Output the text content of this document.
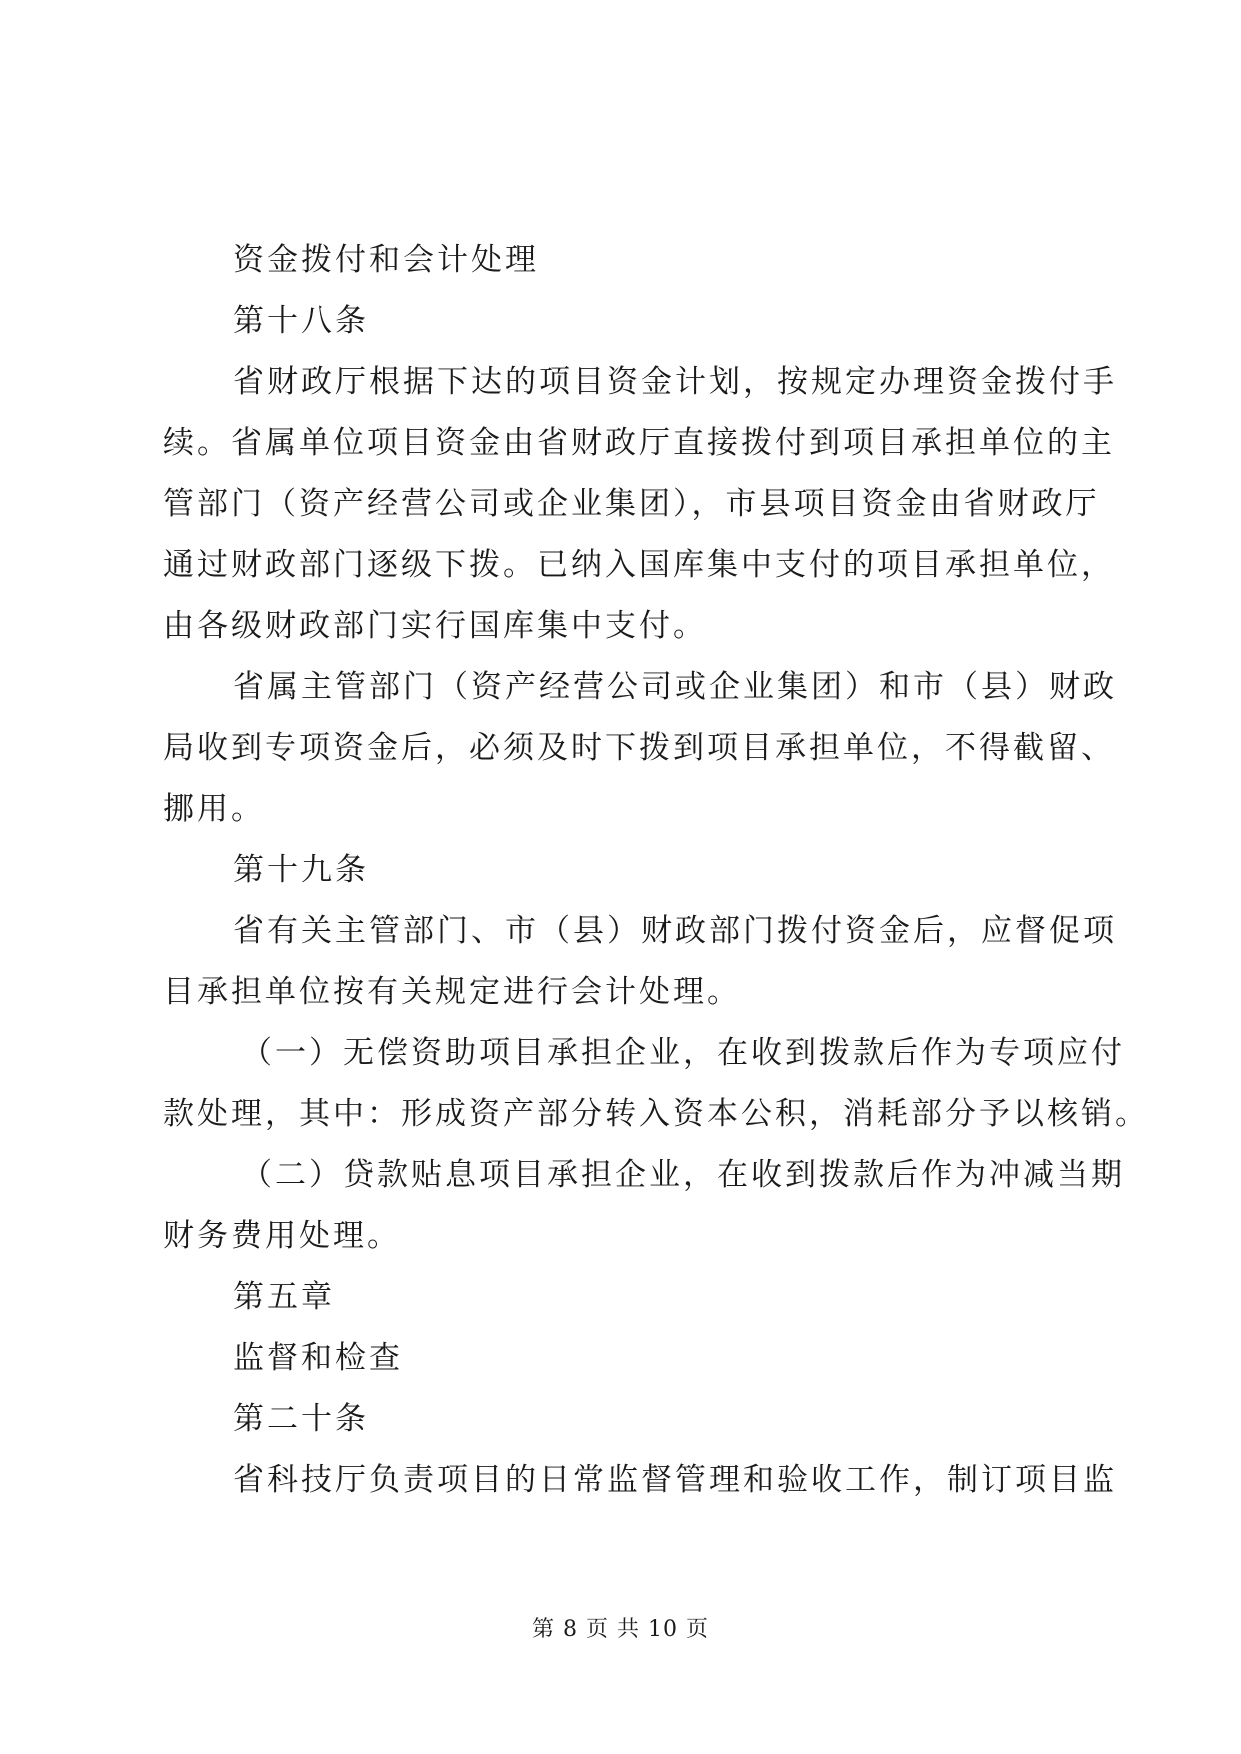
资金拨付和会计处理
第十八条
省财政厅根据下达的项目资金计划，按规定办理资金拨付手
续。省属单位项目资金由省财政厅直接拨付到项目承担单位的主
管部门（资产经营公司或企业集团），市县项目资金由省财政厅
通过财政部门逐级下拨。已纳入国库集中支付的项目承担单位，
由各级财政部门实行国库集中支付。
省属主管部门（资产经营公司或企业集团）和市（县）财政
局收到专项资金后，必须及时下拨到项目承担单位，不得截留、
挪用。
第十九条
省有关主管部门、市（县）财政部门拨付资金后，应督促项
目承担单位按有关规定进行会计处理。
（一）无偿资助项目承担企业，在收到拨款后作为专项应付
款处理，其中：形成资产部分转入资本公积，消耗部分予以核销。
（二）贷款贴息项目承担企业，在收到拨款后作为冲减当期
财务费用处理。
第五章
监督和检查
第二十条
省科技厅负责项目的日常监督管理和验收工作，制订项目监
第 8 页 共 10 页
